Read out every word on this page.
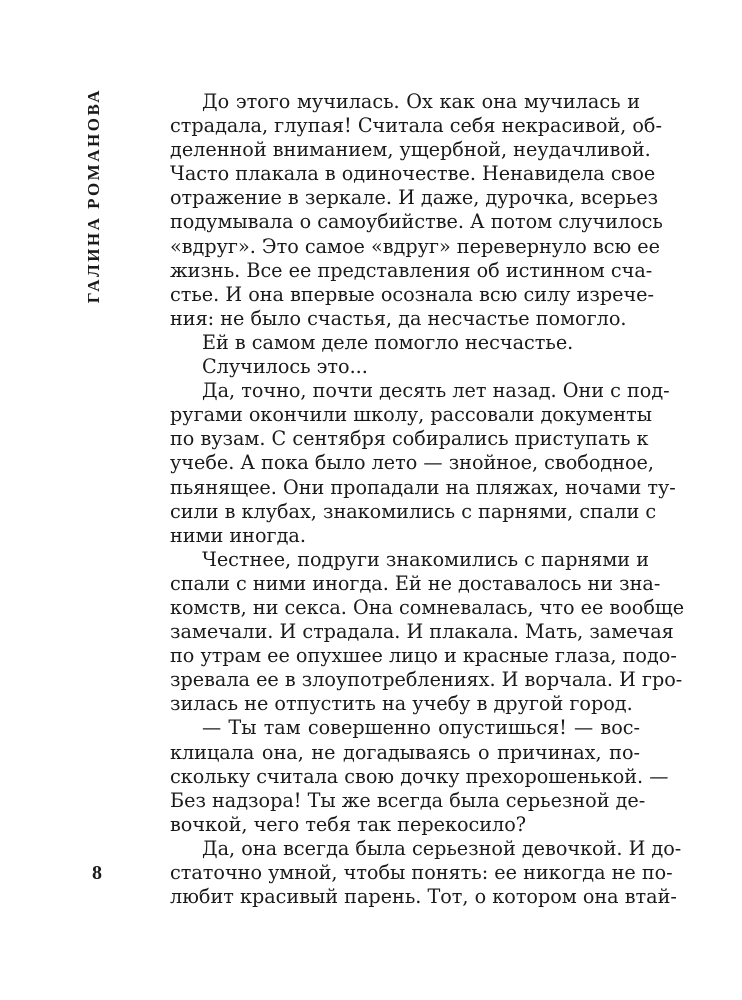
ГАЛИНА РОМАНОВА	До этого мучилась. Ох как она мучилась и
страдала, глупая! Считала себя некрасивой, об-
деленной вниманием, ущербной, неудачливой.
Часто плакала в одиночестве. Ненавидела свое
отражение в зеркале. И даже, дурочка, всерьез
подумывала о самоубийстве. А потом случилось
«вдруг». Это самое «вдруг» перевернуло всю ее
жизнь. Все ее представления об истинном сча-
стье. И она впервые осознала всю силу изрече-
ния: не было счастья, да несчастье помогло.
Ей в самом деле помогло несчастье.
Случилось это...
Да, точно, почти десять лет назад. Они с под-
ругами окончили школу, рассовали документы
по вузам. С сентября собирались приступать к
учебе. А пока было лето — знойное, свободное,
пьянящее. Они пропадали на пляжах, ночами ту-
сили в клубах, знакомились с парнями, спали с
ними иногда.
Честнее, подруги знакомились с парнями и
спали с ними иногда. Ей не доставалось ни зна-
комств, ни секса. Она сомневалась, что ее вообще
замечали. И страдала. И плакала. Мать, замечая
по утрам ее опухшее лицо и красные глаза, подо-
зревала ее в злоупотреблениях. И ворчала. И гро-
зилась не отпустить на учебу в другой город.
— Ты там совершенно опустишься! — вос-
клицала она, не догадываясь о причинах, по-
скольку считала свою дочку прехорошенькой. —
Без надзора! Ты же всегда была серьезной де-
вочкой, чего тебя так перекосило?
Да, она всегда была серьезной девочкой. И до-
статочно умной, чтобы понять: ее никогда не по-
любит красивый парень. Тот, о котором она втай-
8
